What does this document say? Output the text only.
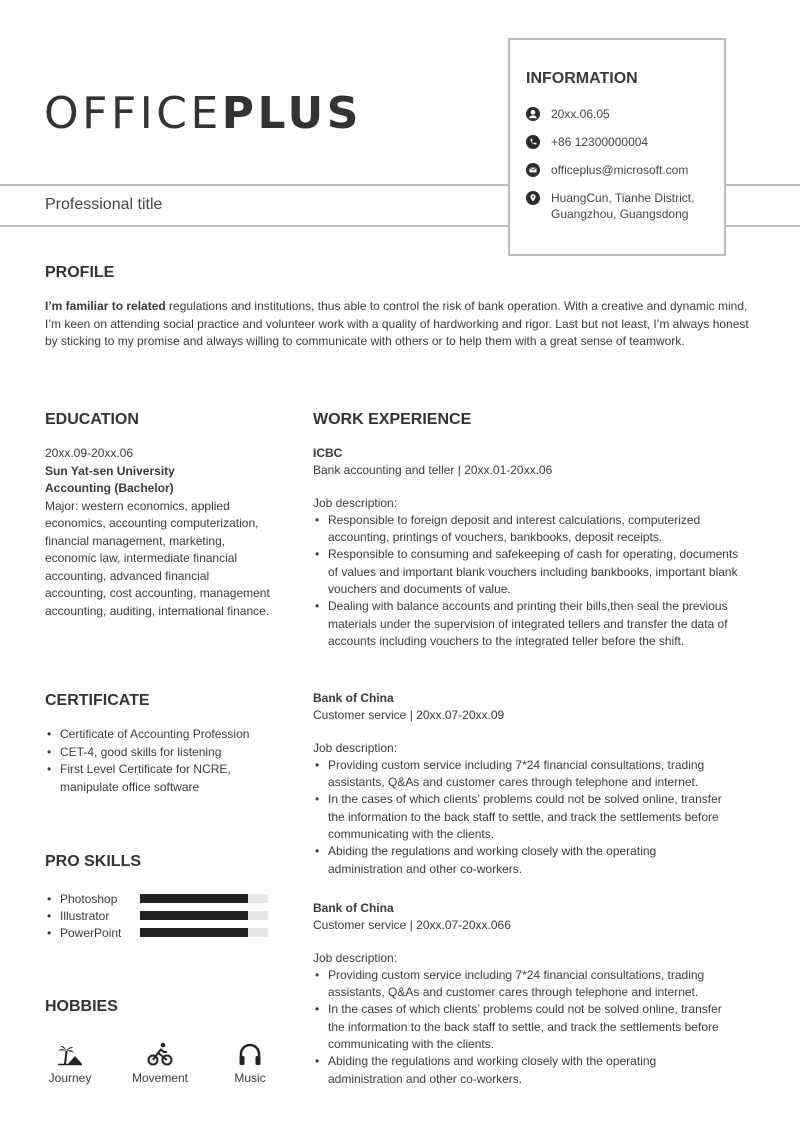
OFFICEPLUS
Professional title
INFORMATION
20xx.06.05
+86 12300000004
officeplus@microsoft.com
HuangCun, Tianhe District,
Guangzhou, Guangsdong
PROFILE

I’m familiar to related regulations and institutions, thus able to control the risk of bank operation. With a creative and dynamic mind, I’m keen on attending social practice and volunteer work with a quality of hardworking and rigor. Last but not least, I’m always honest by sticking to my promise and always willing to communicate with others or to help them with a great sense of teamwork.

EDUCATION
20xx.09-20xx.06
Sun Yat-sen University
Accounting (Bachelor)
Major: western economics, applied economics, accounting computerization, financial management, marketing, economic law, intermediate financial accounting, advanced financial accounting, cost accounting, management accounting, auditing, international finance.
CERTIFICATE
• Certificate of Accounting Profession
• CET-4, good skills for listening
• First Level Certificate for NCRE, manipulate office software
PRO SKILLS
• Photoshop
• Illustrator
• PowerPoint
HOBBIES
Journey	Movement	Music
WORK EXPERIENCE
ICBC
Bank accounting and teller | 20xx.01-20xx.06
Job description:
• Responsible to foreign deposit and interest calculations, computerized accounting, printings of vouchers, bankbooks, deposit receipts.
• Responsible to consuming and safekeeping of cash for operating, documents of values and important blank vouchers including bankbooks, important blank vouchers and documents of value.
• Dealing with balance accounts and printing their bills,then seal the previous materials under the supervision of integrated tellers and transfer the data of accounts including vouchers to the integrated teller before the shift.
Bank of China
Customer service | 20xx.07-20xx.09
Job description:
• Providing custom service including 7*24 financial consultations, trading assistants, Q&As and customer cares through telephone and internet.
• In the cases of which clients’ problems could not be solved online, transfer the information to the back staff to settle, and track the settlements before communicating with the clients.
• Abiding the regulations and working closely with the operating administration and other co-workers.
Bank of China
Customer service | 20xx.07-20xx.066
Job description:
• Providing custom service including 7*24 financial consultations, trading assistants, Q&As and customer cares through telephone and internet.
• In the cases of which clients’ problems could not be solved online, transfer the information to the back staff to settle, and track the settlements before communicating with the clients.
• Abiding the regulations and working closely with the operating administration and other co-workers.
